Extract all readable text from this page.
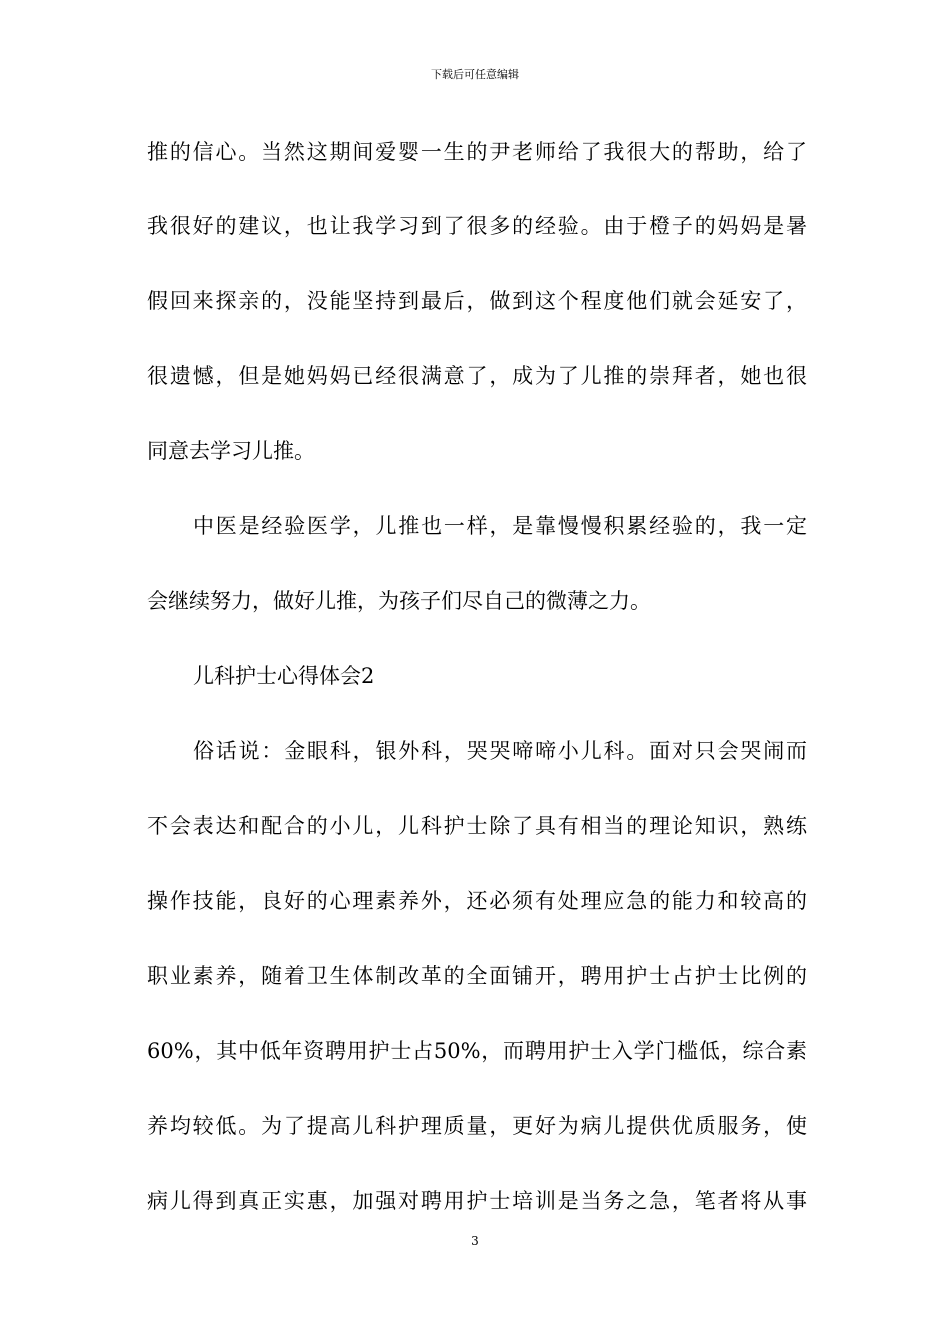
下载后可任意编辑
推的信心。当然这期间爱婴一生的尹老师给了我很大的帮助，给了
我很好的建议，也让我学习到了很多的经验。由于橙子的妈妈是暑
假回来探亲的，没能坚持到最后，做到这个程度他们就会延安了，
很遗憾，但是她妈妈已经很满意了，成为了儿推的崇拜者，她也很
同意去学习儿推。
中医是经验医学，儿推也一样，是靠慢慢积累经验的，我一定
会继续努力，做好儿推，为孩子们尽自己的微薄之力。
儿科护士心得体会2
俗话说：金眼科，银外科，哭哭啼啼小儿科。面对只会哭闹而
不会表达和配合的小儿，儿科护士除了具有相当的理论知识，熟练
操作技能，良好的心理素养外，还必须有处理应急的能力和较高的
职业素养，随着卫生体制改革的全面铺开，聘用护士占护士比例的
60%，其中低年资聘用护士占50%，而聘用护士入学门槛低，综合素
养均较低。为了提高儿科护理质量，更好为病儿提供优质服务，使
病儿得到真正实惠，加强对聘用护士培训是当务之急，笔者将从事
3
